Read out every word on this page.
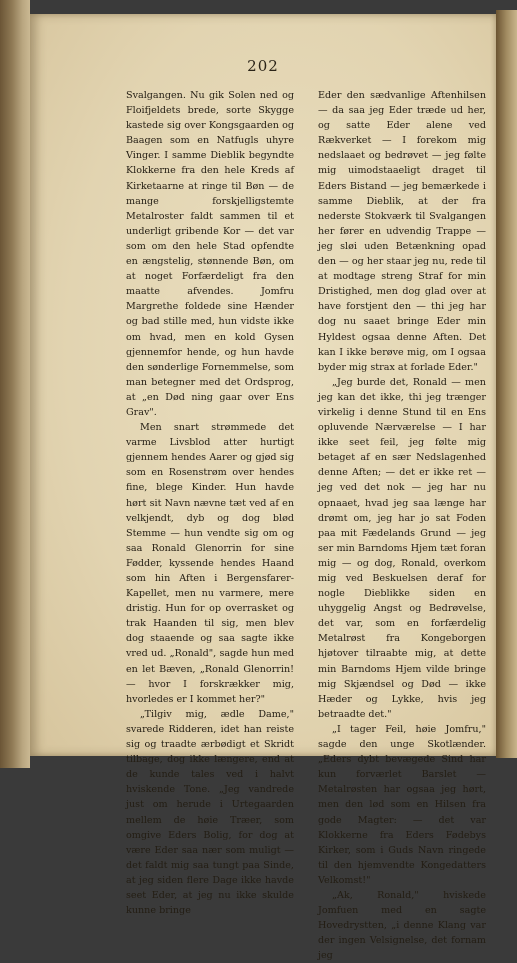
202

Svalgangen. Nu gik Solen ned og Floifjeldets brede, sorte Skygge kastede sig over Kongsgaarden og Baagen som en Natfugls uhyre Vinger. I samme Dieblik begyndte Klokkerne fra den hele Kreds af Kirketaarne at ringe til Bøn — de mange forskjelligstemte Metalroster faldt sammen til et underligt gribende Kor — det var som om den hele Stad opfendte en ængstelig, stønnende Bøn, om at noget Forfærdeligt fra den maatte afvendes. Jomfru Margrethe foldede sine Hænder og bad stille med, hun vidste ikke om hvad, men en kold Gysen gjennemfor hende, og hun havde den sønderlige Fornemmelse, som man betegner med det Ordsprog, at „en Død ning gaar over Ens Grav".

Men snart strømmede det varme Livsblod atter hurtigt gjennem hendes Aarer og gjød sig som en Rosenstrøm over hendes fine, blege Kinder. Hun havde hørt sit Navn nævne tæt ved af en velkjendt, dyb og dog blød Stemme — hun vendte sig om og saa Ronald Glenorrin for sine Fødder, kyssende hendes Haand som hin Aften i Bergensfarer-Kapellet, men nu varmere, mere dristig. Hun for op overrasket og trak Haanden til sig, men blev dog staaende og saa sagte ikke vred ud. „Ronald", sagde hun med en let Bæven, „Ronald Glenorrin! — hvor I forskrækker mig, hvorledes er I kommet her?"

„Tilgiv mig, ædle Dame," svarede Ridderen, idet han reiste sig og traadte ærbødigt et Skridt tilbage, dog ikke længere, end at de kunde tales ved i halvt hviskende Tone. „Jeg vandrede just om herude i Urtegaarden mellem de høie Træer, som omgive Eders Bolig, for dog at være Eder saa nær som muligt — det faldt mig saa tungt paa Sinde, at jeg siden flere Dage ikke havde seet Eder, at jeg nu ikke skulde kunne bringe

Eder den sædvanlige Aftenhilsen — da saa jeg Eder træde ud her, og satte Eder alene ved Rækverket — I forekom mig nedslaaet og bedrøvet — jeg følte mig uimodstaaeligt draget til Eders Bistand — jeg bemærkede i samme Dieblik, at der fra nederste Stokværk til Svalgangen her fører en udvendig Trappe — jeg sløi uden Betænkning opad den — og her staar jeg nu, rede til at modtage streng Straf for min Dristighed, men dog glad over at have forstjent den — thi jeg har dog nu saaet bringe Eder min Hyldest ogsaa denne Aften. Det kan I ikke berøve mig, om I ogsaa byder mig strax at forlade Eder."

„Jeg burde det, Ronald — men jeg kan det ikke, thi jeg trænger virkelig i denne Stund til en Ens opluvende Nærværelse — I har ikke seet feil, jeg følte mig betaget af en sær Nedslagenhed denne Aften; — det er ikke ret — jeg ved det nok — jeg har nu opnaaet, hvad jeg saa længe har drømt om, jeg har jo sat Foden paa mit Fædelands Grund — jeg ser min Barndoms Hjem tæt foran mig — og dog, Ronald, overkom mig ved Beskuelsen deraf for nogle Dieblikke siden en uhyggelig Angst og Bedrøvelse, det var, som en forfærdelig Metalrøst fra Kongeborgen hjøtover tilraabte mig, at dette min Barndoms Hjem vilde bringe mig Skjændsel og Død — ikke Hæder og Lykke, hvis jeg betraadte det."

„I tager Feil, høie Jomfru," sagde den unge Skotlænder. „Eders dybt bevægede Sind har kun forværlet Barslet — Metalrøsten har ogsaa jeg hørt, men den lød som en Hilsen fra gode Magter: — det var Klokkerne fra Eders Fødebys Kirker, som i Guds Navn ringede til den hjemvendte Kongedatters Velkomst!"

„Ak, Ronald," hviskede Jomfuen med en sagte Hovedrystten, „i denne Klang var der ingen Velsignelse, det fornam jeg
